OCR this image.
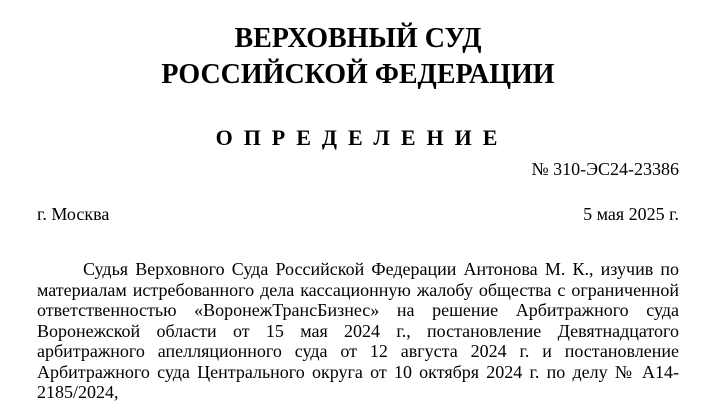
ВЕРХОВНЫЙ СУД
РОССИЙСКОЙ ФЕДЕРАЦИИ
ОПРЕДЕЛЕНИЕ
№ 310-ЭС24-23386
г. Москва	5 мая 2025 г.

Судья Верховного Суда Российской Федерации Антонова М. К., изучив по материалам истребованного дела кассационную жалобу общества с ограниченной ответственностью «ВоронежТрансБизнес» на решение Арбитражного суда Воронежской области от 15 мая 2024 г., постановление Девятнадцатого арбитражного апелляционного суда от 12 августа 2024 г. и постановление Арбитражного суда Центрального округа от 10 октября 2024 г. по делу № А14-2185/2024,
